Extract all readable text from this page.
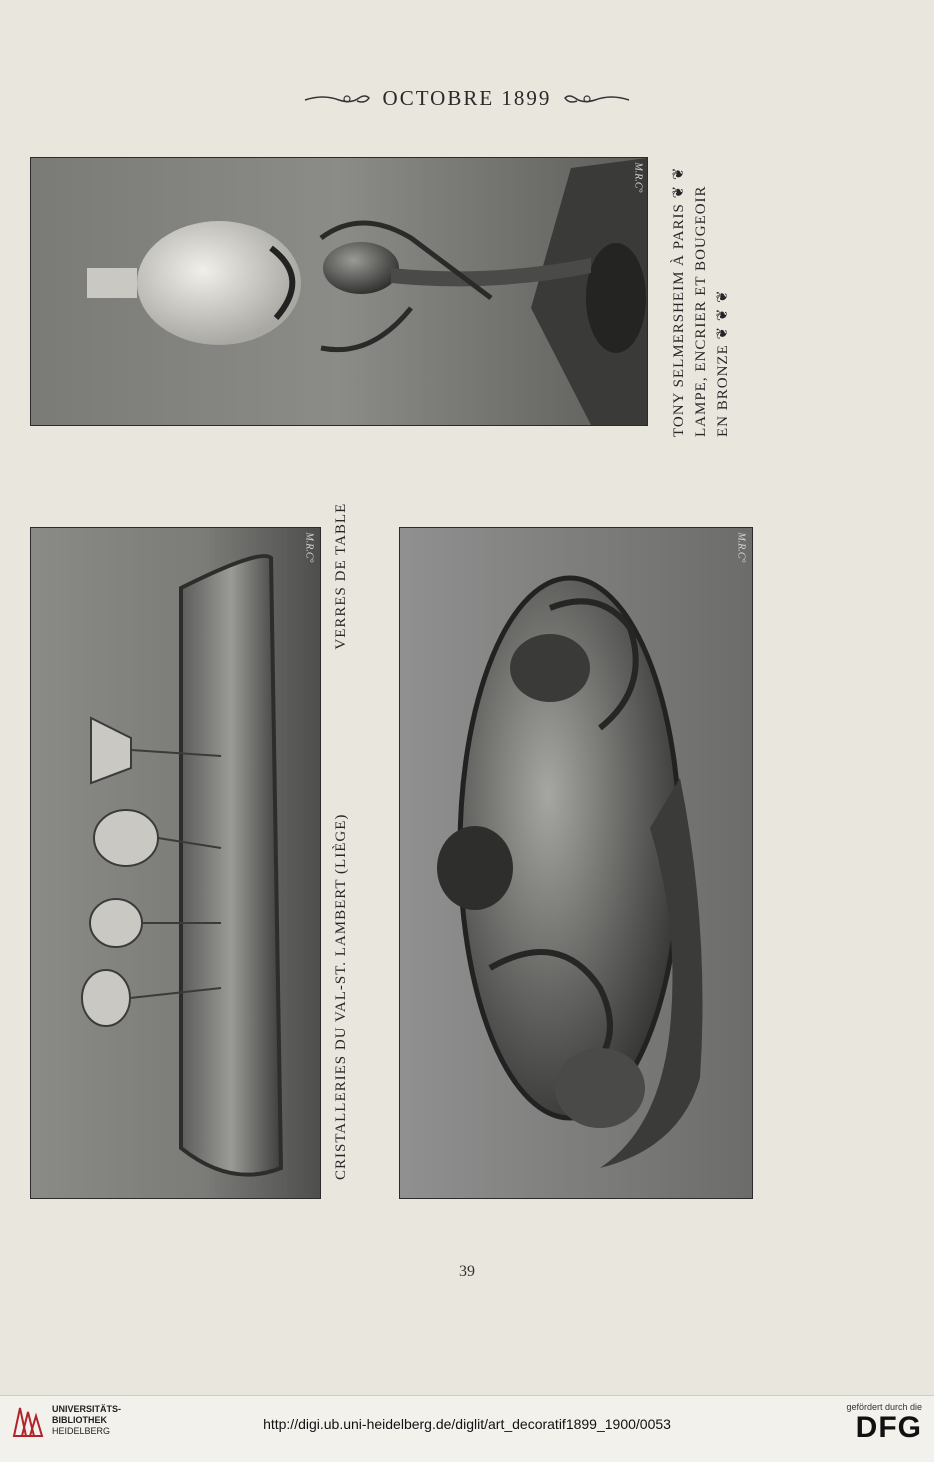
OCTOBRE 1899
M.R.C° TONY SELMERSHEIM À PARIS ❦ ❦ LAMPE, ENCRIER ET BOUGEOIR EN BRONZE ❦ ❦ ❦
M.R.C°
CRISTALLERIES DU VAL-ST. LAMBERT (LIÈGE)VERRES DE TABLE	M.R.C°
39
UNIVERSITÄTS-
BIBLIOTHEK
HEIDELBERG	http://digi.ub.uni-heidelberg.de/diglit/art_decoratif1899_1900/0053
gefördert durch die
DFG
